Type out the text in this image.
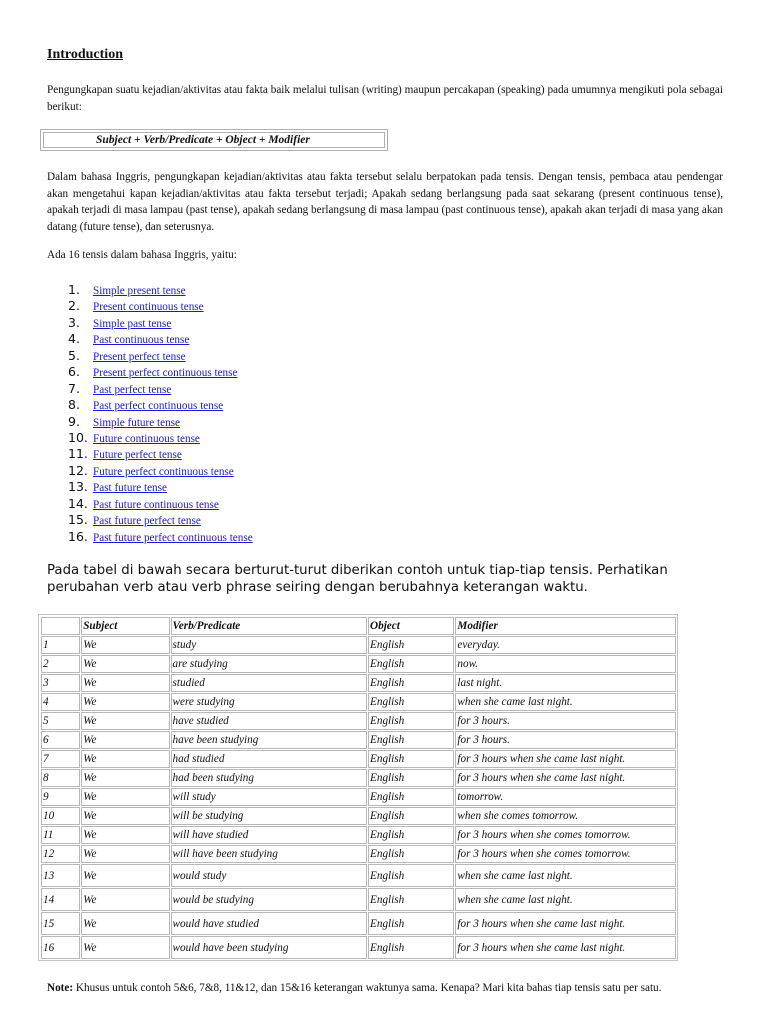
Introduction
Pengungkapan suatu kejadian/aktivitas atau fakta baik melalui tulisan (writing) maupun percakapan (speaking) pada umumnya mengikuti pola sebagai berikut:
Subject + Verb/Predicate + Object + Modifier
Dalam bahasa Inggris, pengungkapan kejadian/aktivitas atau fakta tersebut selalu berpatokan pada tensis. Dengan tensis, pembaca atau pendengar akan mengetahui kapan kejadian/aktivitas atau fakta tersebut terjadi; Apakah sedang berlangsung pada saat sekarang (present continuous tense), apakah terjadi di masa lampau (past tense), apakah sedang berlangsung di masa lampau (past continuous tense), apakah akan terjadi di masa yang akan datang (future tense), dan seterusnya.
Ada 16 tensis dalam bahasa Inggris, yaitu:
1. Simple present tense
2. Present continuous tense
3. Simple past tense
4. Past continuous tense
5. Present perfect tense
6. Present perfect continuous tense
7. Past perfect tense
8. Past perfect continuous tense
9. Simple future tense
10. Future continuous tense
11. Future perfect tense
12. Future perfect continuous tense
13. Past future tense
14. Past future continuous tense
15. Past future perfect tense
16. Past future perfect continuous tense
Pada tabel di bawah secara berturut-turut diberikan contoh untuk tiap-tiap tensis. Perhatikan perubahan verb atau verb phrase seiring dengan berubahnya keterangan waktu.
	Subject	Verb/Predicate	Object	Modifier
1	We	study	English	everyday.
2	We	are studying	English	now.
3	We	studied	English	last night.
4	We	were studying	English	when she came last night.
5	We	have studied	English	for 3 hours.
6	We	have been studying	English	for 3 hours.
7	We	had studied	English	for 3 hours when she came last night.
8	We	had been studying	English	for 3 hours when she came last night.
9	We	will study	English	tomorrow.
10	We	will be studying	English	when she comes tomorrow.
11	We	will have studied	English	for 3 hours when she comes tomorrow.
12	We	will have been studying	English	for 3 hours when she comes tomorrow.
13	We	would study	English	when she came last night.
14	We	would be studying	English	when she came last night.
15	We	would have studied	English	for 3 hours when she came last night.
16	We	would have been studying	English	for 3 hours when she came last night.
Note: Khusus untuk contoh 5&6, 7&8, 11&12, dan 15&16 keterangan waktunya sama. Kenapa? Mari kita bahas tiap tensis satu per satu.
